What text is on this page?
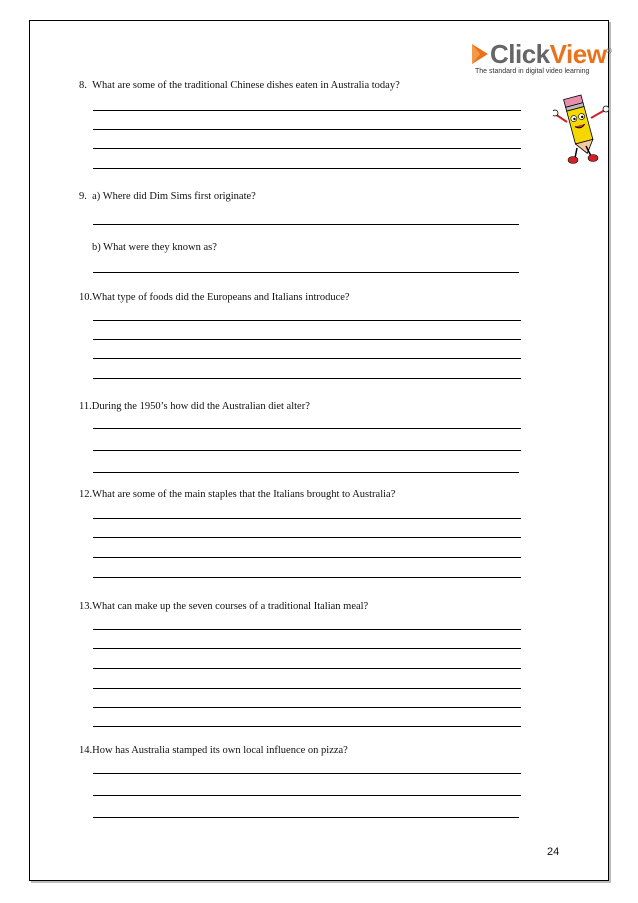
ClickView®
The standard in digital video learning
8. What are some of the traditional Chinese dishes eaten in Australia today?
9. a) Where did Dim Sims first originate?
b) What were they known as?
10.What type of foods did the Europeans and Italians introduce?
11.During the 1950’s how did the Australian diet alter?
12.What are some of the main staples that the Italians brought to Australia?
13.What can make up the seven courses of a traditional Italian meal?
14.How has Australia stamped its own local influence on pizza?
24
